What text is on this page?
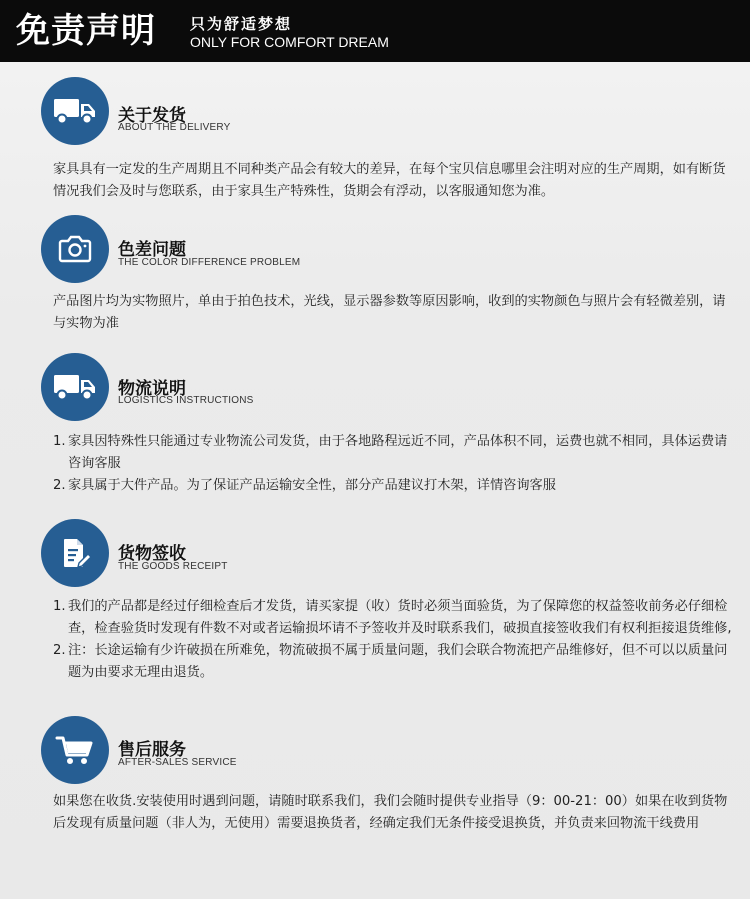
免责声明 只为舒适梦想
ONLY FOR COMFORT DREAM
关于发货
ABOUT THE DELIVERY
家具具有一定发的生产周期且不同种类产品会有较大的差异，在每个宝贝信息哪里会注明对应的生产周期，如有断货情况我们会及时与您联系，由于家具生产特殊性，货期会有浮动，以客服通知您为准。
色差问题
THE COLOR DIFFERENCE PROBLEM
产品图片均为实物照片，单由于拍色技术，光线，显示器参数等原因影响，收到的实物颜色与照片会有轻微差别，请与实物为准
物流说明
LOGISTICS INSTRUCTIONS
1. 家具因特殊性只能通过专业物流公司发货，由于各地路程远近不同，产品体积不同，运费也就不相同，具体运费请咨询客服
2. 家具属于大件产品。为了保证产品运输安全性，部分产品建议打木架，详情咨询客服
货物签收
THE GOODS RECEIPT
1. 我们的产品都是经过仔细检查后才发货，请买家提（收）货时必须当面验货，为了保障您的权益签收前务必仔细检查，检查验货时发现有件数不对或者运输损坏请不予签收并及时联系我们，破损直接签收我们有权利拒接退货维修,
2. 注：长途运输有少许破损在所难免，物流破损不属于质量问题，我们会联合物流把产品维修好，但不可以以质量问题为由要求无理由退货。
售后服务
AFTER-SALES SERVICE
如果您在收货.安装使用时遇到问题，请随时联系我们，我们会随时提供专业指导（9：00-21：00）如果在收到货物后发现有质量问题（非人为，无使用）需要退换货者，经确定我们无条件接受退换货，并负责来回物流干线费用
